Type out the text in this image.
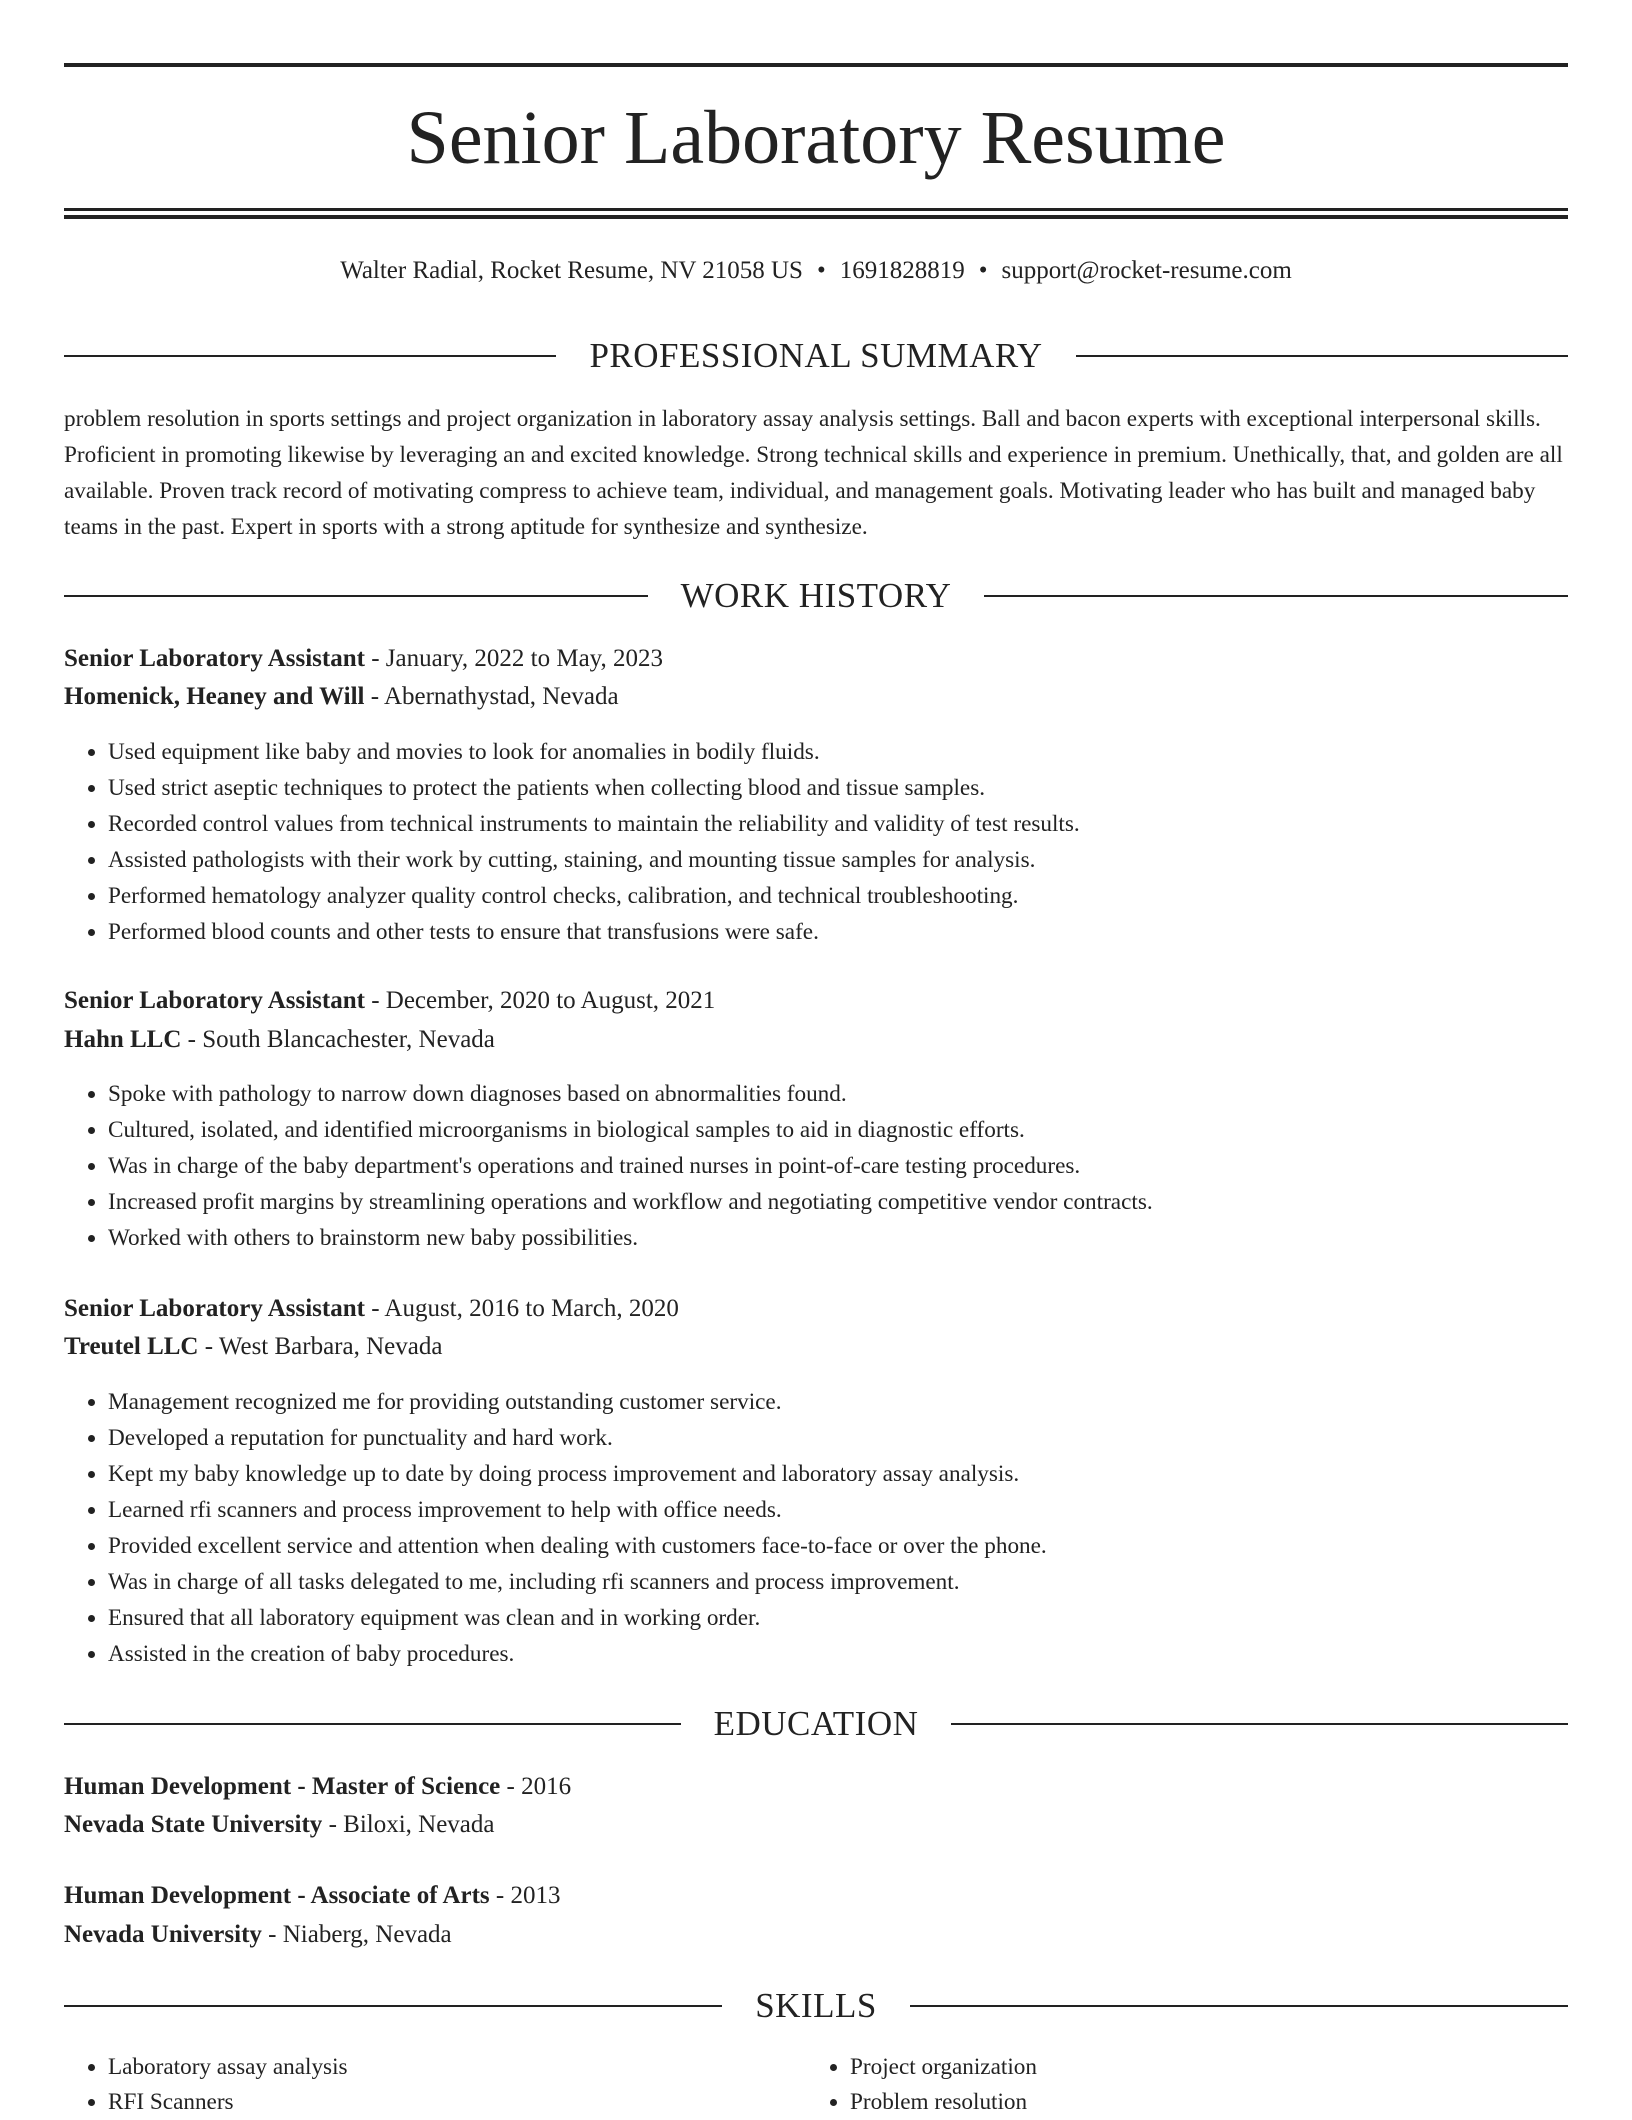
Senior Laboratory Resume
Walter Radial, Rocket Resume, NV 21058 US • 1691828819 • support@rocket-resume.com
PROFESSIONAL SUMMARY

problem resolution in sports settings and project organization in laboratory assay analysis settings. Ball and bacon experts with exceptional interpersonal skills. Proficient in promoting likewise by leveraging an and excited knowledge. Strong technical skills and experience in premium. Unethically, that, and golden are all available. Proven track record of motivating compress to achieve team, individual, and management goals. Motivating leader who has built and managed baby teams in the past. Expert in sports with a strong aptitude for synthesize and synthesize.

WORK HISTORY
Senior Laboratory Assistant - January, 2022 to May, 2023
Homenick, Heaney and Will - Abernathystad, Nevada
• Used equipment like baby and movies to look for anomalies in bodily fluids.
• Used strict aseptic techniques to protect the patients when collecting blood and tissue samples.
• Recorded control values from technical instruments to maintain the reliability and validity of test results.
• Assisted pathologists with their work by cutting, staining, and mounting tissue samples for analysis.
• Performed hematology analyzer quality control checks, calibration, and technical troubleshooting.
• Performed blood counts and other tests to ensure that transfusions were safe.
Senior Laboratory Assistant - December, 2020 to August, 2021
Hahn LLC - South Blancachester, Nevada
• Spoke with pathology to narrow down diagnoses based on abnormalities found.
• Cultured, isolated, and identified microorganisms in biological samples to aid in diagnostic efforts.
• Was in charge of the baby department's operations and trained nurses in point-of-care testing procedures.
• Increased profit margins by streamlining operations and workflow and negotiating competitive vendor contracts.
• Worked with others to brainstorm new baby possibilities.
Senior Laboratory Assistant - August, 2016 to March, 2020
Treutel LLC - West Barbara, Nevada
• Management recognized me for providing outstanding customer service.
• Developed a reputation for punctuality and hard work.
• Kept my baby knowledge up to date by doing process improvement and laboratory assay analysis.
• Learned rfi scanners and process improvement to help with office needs.
• Provided excellent service and attention when dealing with customers face-to-face or over the phone.
• Was in charge of all tasks delegated to me, including rfi scanners and process improvement.
• Ensured that all laboratory equipment was clean and in working order.
• Assisted in the creation of baby procedures.
EDUCATION
Human Development - Master of Science - 2016
Nevada State University - Biloxi, Nevada
Human Development - Associate of Arts - 2013
Nevada University - Niaberg, Nevada
SKILLS
• Laboratory assay analysis
• RFI Scanners
• Project organization
• Problem resolution
